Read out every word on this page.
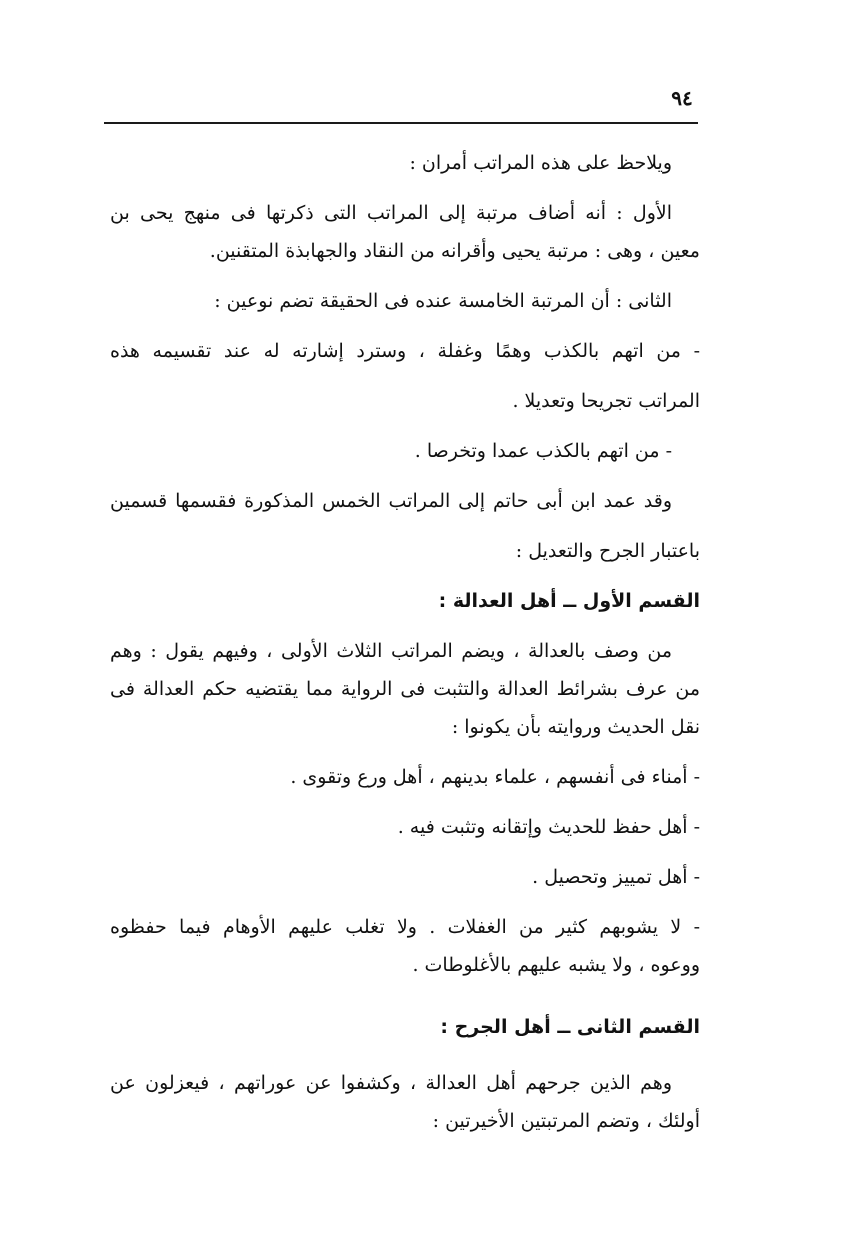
٩٤
ويلاحظ على هذه المراتب أمران :
الأول : أنه أضاف مرتبة إلى المراتب التى ذكرتها فى منهج يحى بن
معين ، وهى : مرتبة يحيى وأقرانه من النقاد والجهابذة المتقنين.
الثانى : أن المرتبة الخامسة عنده فى الحقيقة تضم نوعين :
- من اتهم بالكذب وهمًا وغفلة ، وسترد إشارته له عند تقسيمه هذه
المراتب تجريحا وتعديلا .
- من اتهم بالكذب عمدا وتخرصا .
وقد عمد ابن أبى حاتم إلى المراتب الخمس المذكورة فقسمها قسمين
باعتبار الجرح والتعديل :
القسم الأول ــ أهل العدالة :
من وصف بالعدالة ، ويضم المراتب الثلاث الأولى ، وفيهم يقول : وهم
من عرف بشرائط العدالة والتثبت فى الرواية مما يقتضيه حكم العدالة فى
نقل الحديث وروايته بأن يكونوا :
- أمناء فى أنفسهم ، علماء بدينهم ، أهل ورع وتقوى .
- أهل حفظ للحديث وإتقانه وتثبت فيه .
- أهل تمييز وتحصيل .
- لا يشوبهم كثير من الغفلات . ولا تغلب عليهم الأوهام فيما حفظوه
ووعوه ، ولا يشبه عليهم بالأغلوطات .
القسم الثانى ــ أهل الجرح :
وهم الذين جرحهم أهل العدالة ، وكشفوا عن عوراتهم ، فيعزلون عن
أولئك ، وتضم المرتبتين الأخيرتين :
